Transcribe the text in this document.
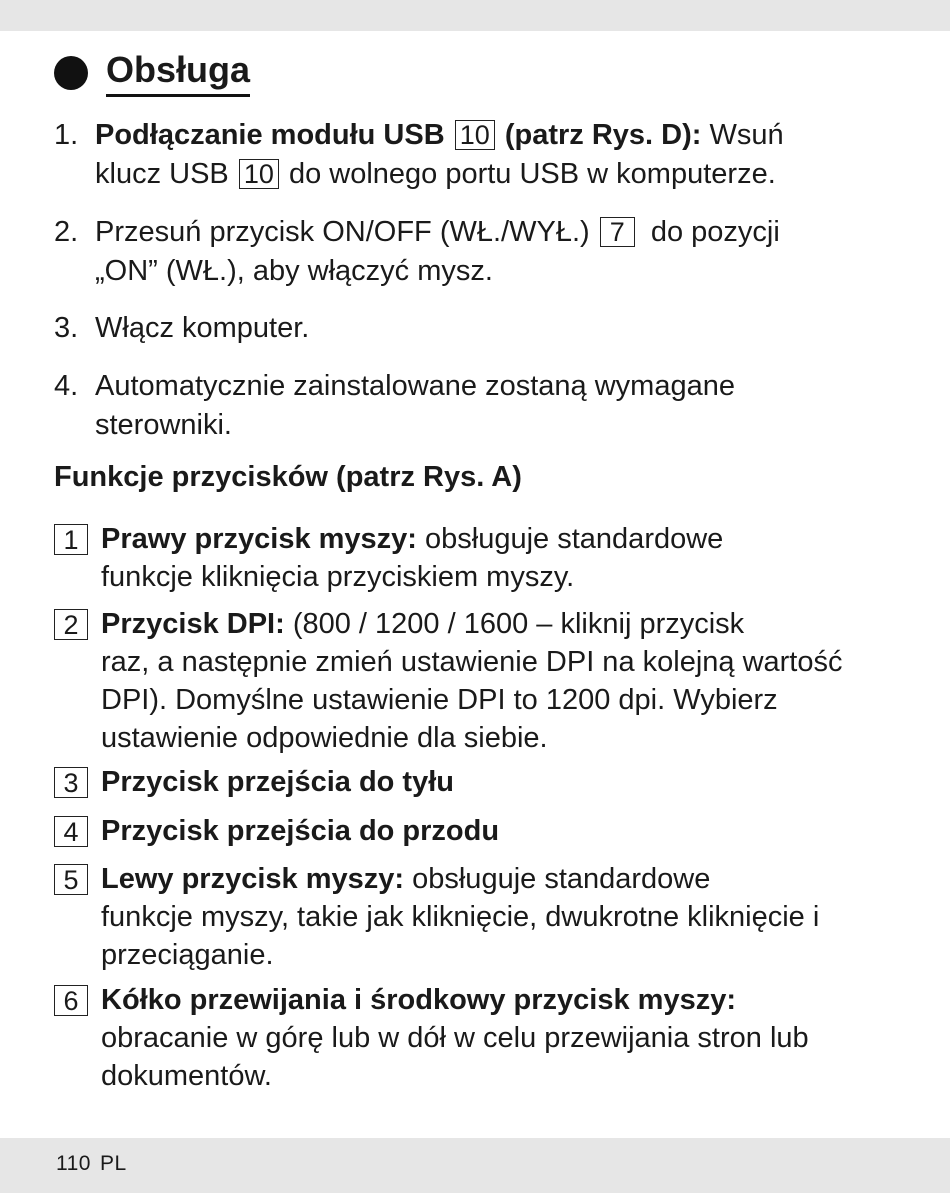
Obsługa
1. Podłączanie modułu USB 10 (patrz Rys. D): Wsuń
klucz USB 10 do wolnego portu USB w komputerze.
2. Przesuń przycisk ON/OFF (WŁ./WYŁ.) 7 do pozycji
„ON” (WŁ.), aby włączyć mysz.
3. Włącz komputer.
4. Automatycznie zainstalowane zostaną wymagane
sterowniki.
Funkcje przycisków (patrz Rys. A)
1 Prawy przycisk myszy: obsługuje standardowe
funkcje kliknięcia przyciskiem myszy.
2 Przycisk DPI: (800 / 1200 / 1600 – kliknij przycisk
raz, a następnie zmień ustawienie DPI na kolejną wartość
DPI). Domyślne ustawienie DPI to 1200 dpi. Wybierz
ustawienie odpowiednie dla siebie.
3 Przycisk przejścia do tyłu
4 Przycisk przejścia do przodu
5 Lewy przycisk myszy: obsługuje standardowe
funkcje myszy, takie jak kliknięcie, dwukrotne kliknięcie i
przeciąganie.
6 Kółko przewijania i środkowy przycisk myszy:
obracanie w górę lub w dół w celu przewijania stron lub
dokumentów.
110 PL
